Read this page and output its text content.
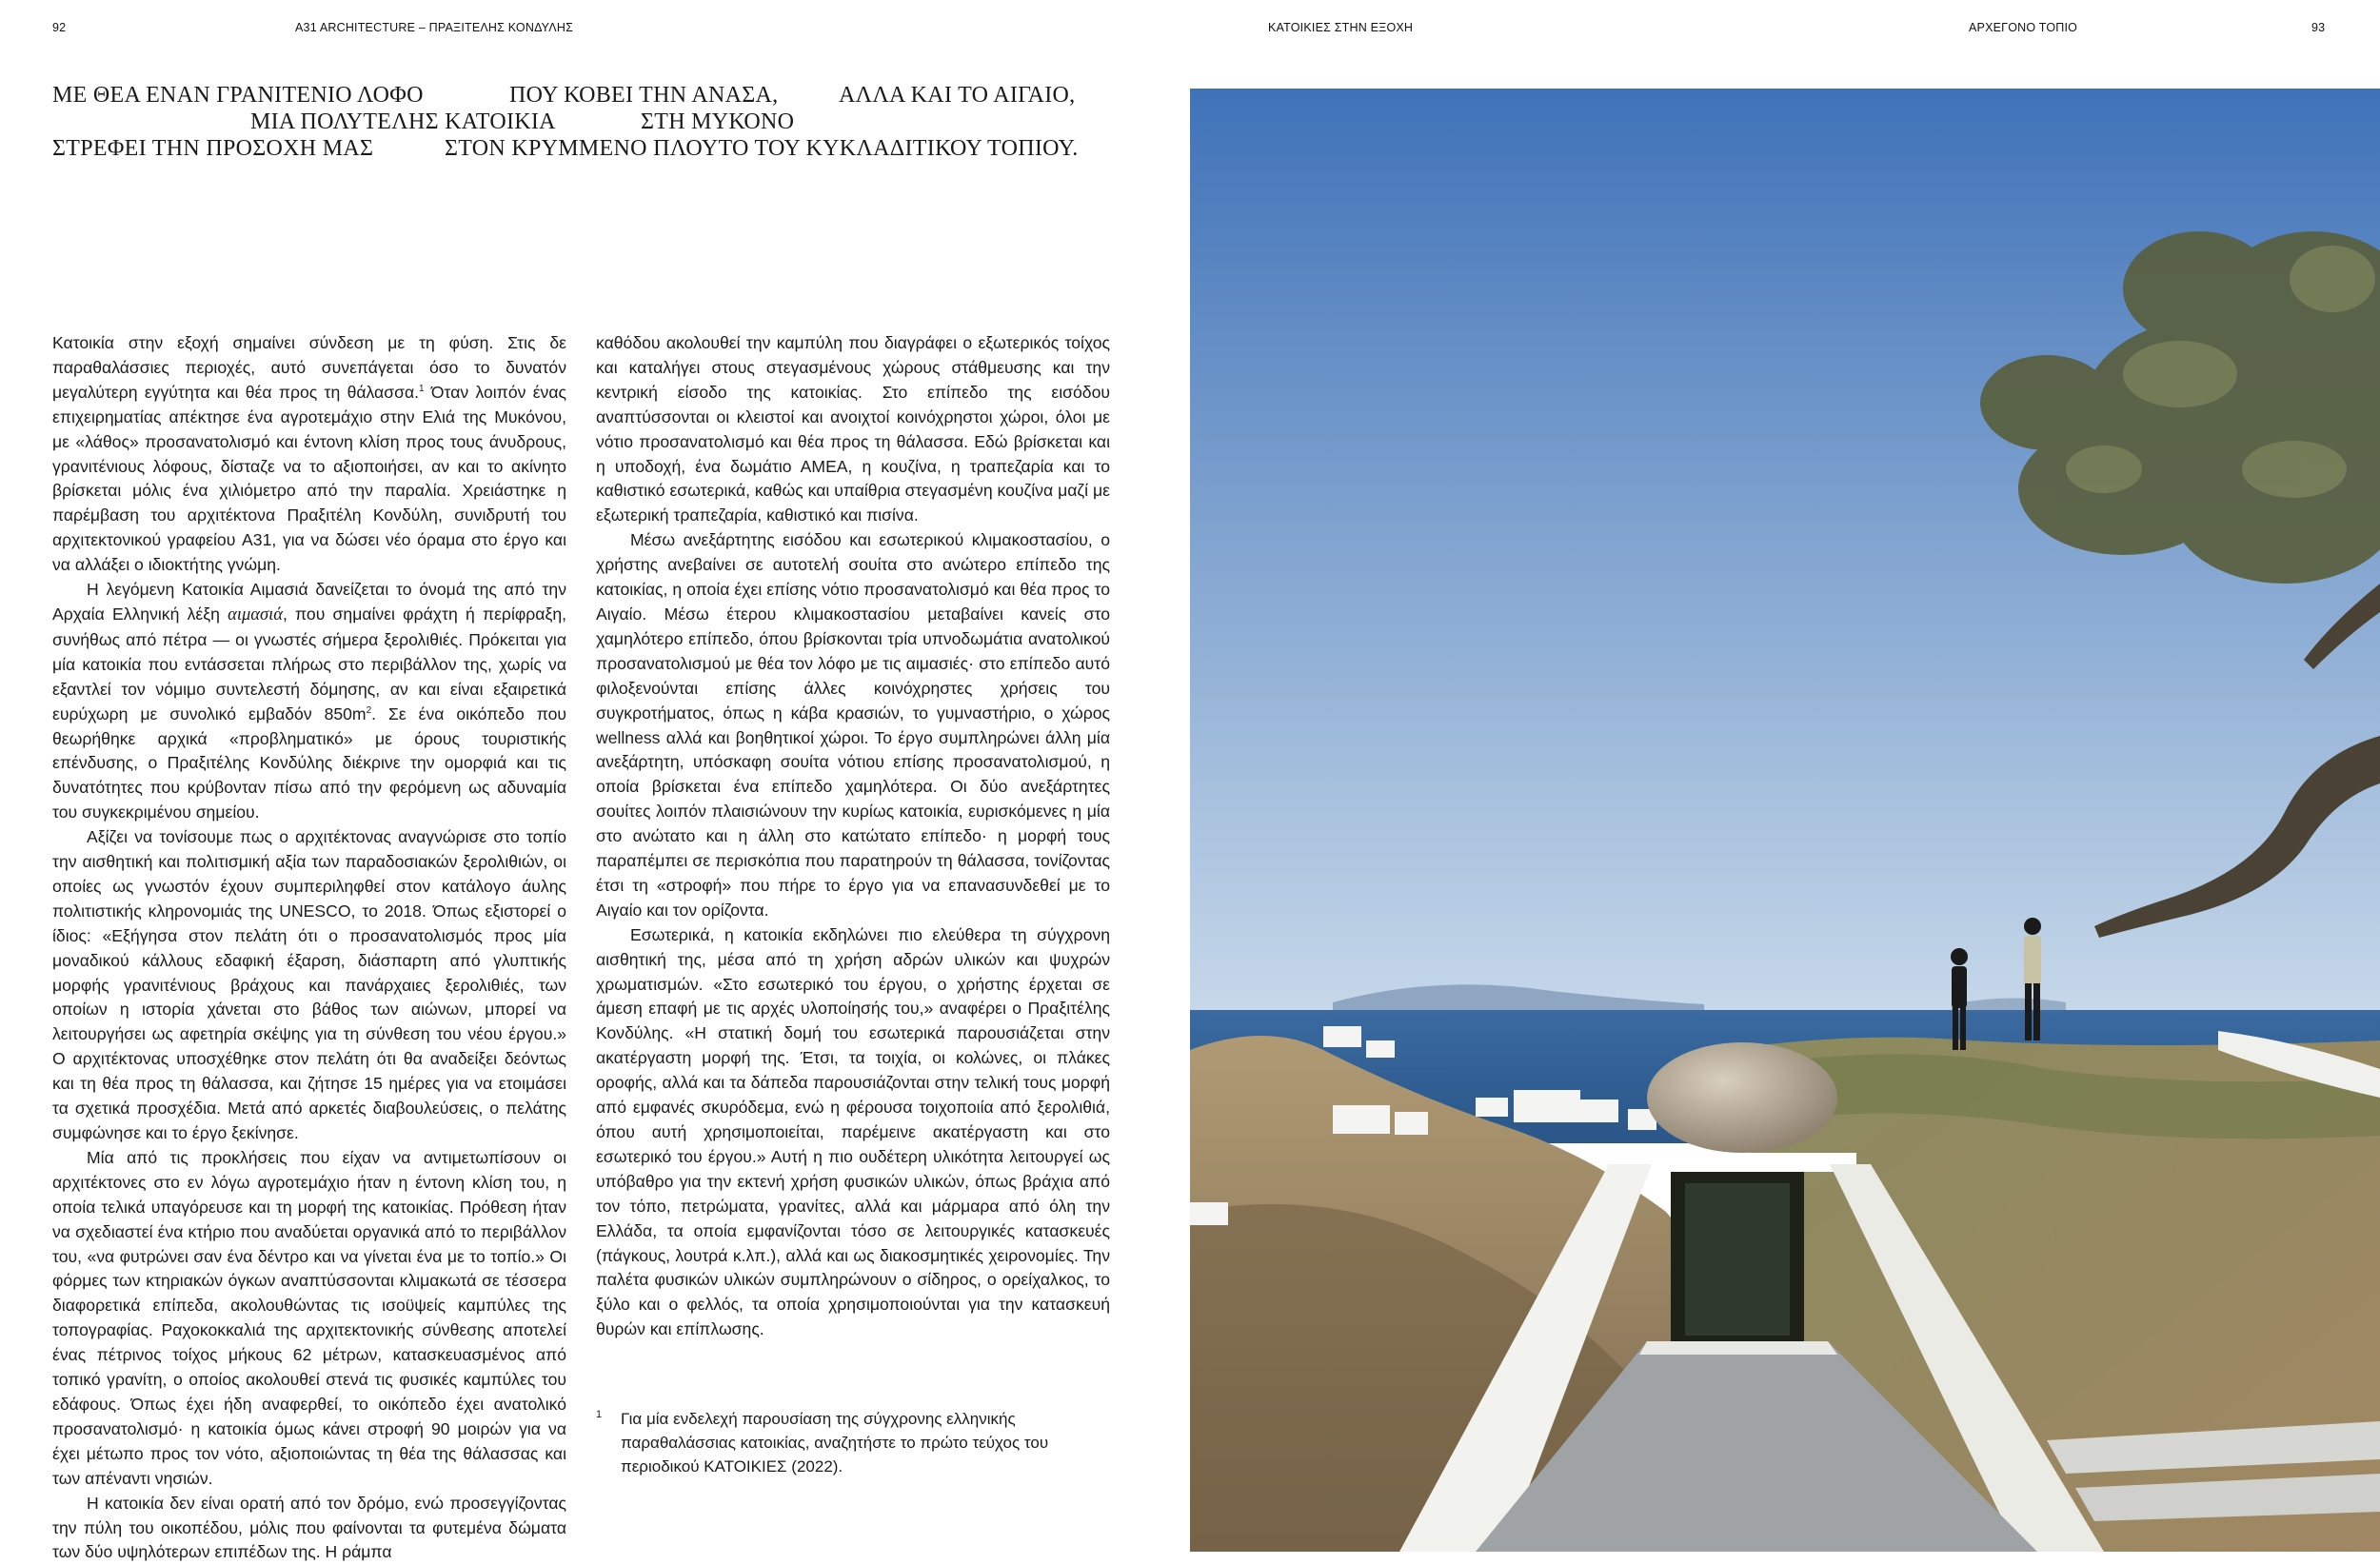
92	A31 ARCHITECTURE – ΠΡΑΞΙΤΕΛΗΣ ΚΟΝΔΥΛΗΣ	ΚΑΤΟΙΚΙΕΣ ΣΤΗΝ ΕΞΟΧΗ	ΑΡΧΕΓΟΝΟ ΤΟΠΙΟ	93
ΜΕ ΘΕΑ ΕΝΑΝ ΓΡΑΝΙΤΕΝΙΟ ΛΟΦΟ	ΠΟΥ ΚΟΒΕΙ ΤΗΝ ΑΝΑΣΑ,	ΑΛΛΑ ΚΑΙ ΤΟ ΑΙΓΑΙΟ,
ΜΙΑ ΠΟΛΥΤΕΛΗΣ ΚΑΤΟΙΚΙΑ	ΣΤΗ ΜΥΚΟΝΟ
ΣΤΡΕΦΕΙ ΤΗΝ ΠΡΟΣΟΧΗ ΜΑΣ	ΣΤΟΝ ΚΡΥΜΜΕΝΟ ΠΛΟΥΤΟ ΤΟΥ ΚΥΚΛΑΔΙΤΙΚΟΥ ΤΟΠΙΟΥ.

Κατοικία στην εξοχή σημαίνει σύνδεση με τη φύση. Στις δε παραθαλάσσιες περιοχές, αυτό συνεπάγεται όσο το δυνατόν μεγαλύτερη εγγύτητα και θέα προς τη θάλασσα.$^1$ Όταν λοιπόν ένας επιχειρηματίας απέκτησε ένα αγροτεμάχιο στην Ελιά της Μυκόνου, με «λάθος» προσανατολισμό και έντονη κλίση προς τους άνυδρους, γρανιτένιους λόφους, δίσταζε να το αξιοποιήσει, αν και το ακίνητο βρίσκεται μόλις ένα χιλιόμετρο από την παραλία. Χρειάστηκε η παρέμβαση του αρχιτέκτονα Πραξιτέλη Κονδύλη, συνιδρυτή του αρχιτεκτονικού γραφείου A31, για να δώσει νέο όραμα στο έργο και να αλλάξει ο ιδιοκτήτης γνώμη.

Η λεγόμενη Κατοικία Αιμασιά δανείζεται το όνομά της από την Αρχαία Ελληνική λέξη αιμασιά, που σημαίνει φράχτη ή περίφραξη, συνήθως από πέτρα — οι γνωστές σήμερα ξερολιθιές. Πρόκειται για μία κατοικία που εντάσσεται πλήρως στο περιβάλλον της, χωρίς να εξαντλεί τον νόμιμο συντελεστή δόμησης, αν και είναι εξαιρετικά ευρύχωρη με συνολικό εμβαδόν $850m^2$. Σε ένα οικόπεδο που θεωρήθηκε αρχικά «προβληματικό» με όρους τουριστικής επένδυσης, ο Πραξιτέλης Κονδύλης διέκρινε την ομορφιά και τις δυνατότητες που κρύβονταν πίσω από την φερόμενη ως αδυναμία του συγκεκριμένου σημείου.

Αξίζει να τονίσουμε πως ο αρχιτέκτονας αναγνώρισε στο τοπίο την αισθητική και πολιτισμική αξία των παραδοσιακών ξερολιθιών, οι οποίες ως γνωστόν έχουν συμπεριληφθεί στον κατάλογο άυλης πολιτιστικής κληρονομιάς της UNESCO, το 2018. Όπως εξιστορεί ο ίδιος: «Εξήγησα στον πελάτη ότι ο προσανατολισμός προς μία μοναδικού κάλλους εδαφική έξαρση, διάσπαρτη από γλυπτικής μορφής γρανιτένιους βράχους και πανάρχαιες ξερολιθιές, των οποίων η ιστορία χάνεται στο βάθος των αιώνων, μπορεί να λειτουργήσει ως αφετηρία σκέψης για τη σύνθεση του νέου έργου.» Ο αρχιτέκτονας υποσχέθηκε στον πελάτη ότι θα αναδείξει δεόντως και τη θέα προς τη θάλασσα, και ζήτησε 15 ημέρες για να ετοιμάσει τα σχετικά προσχέδια. Μετά από αρκετές διαβουλεύσεις, ο πελάτης συμφώνησε και το έργο ξεκίνησε.

Μία από τις προκλήσεις που είχαν να αντιμετωπίσουν οι αρχιτέκτονες στο εν λόγω αγροτεμάχιο ήταν η έντονη κλίση του, η οποία τελικά υπαγόρευσε και τη μορφή της κατοικίας. Πρόθεση ήταν να σχεδιαστεί ένα κτήριο που αναδύεται οργανικά από το περιβάλλον του, «να φυτρώνει σαν ένα δέντρο και να γίνεται ένα με το τοπίο.» Οι φόρμες των κτηριακών όγκων αναπτύσσονται κλιμακωτά σε τέσσερα διαφορετικά επίπεδα, ακολουθώντας τις ισοϋψείς καμπύλες της τοπογραφίας. Ραχοκοκκαλιά της αρχιτεκτονικής σύνθεσης αποτελεί ένας πέτρινος τοίχος μήκους 62 μέτρων, κατασκευασμένος από τοπικό γρανίτη, ο οποίος ακολουθεί στενά τις φυσικές καμπύλες του εδάφους. Όπως έχει ήδη αναφερθεί, το οικόπεδο έχει ανατολικό προσανατολισμό· η κατοικία όμως κάνει στροφή 90 μοιρών για να έχει μέτωπο προς τον νότο, αξιοποιώντας τη θέα της θάλασσας και των απέναντι νησιών.

Η κατοικία δεν είναι ορατή από τον δρόμο, ενώ προσεγγίζοντας την πύλη του οικοπέδου, μόλις που φαίνονται τα φυτεμένα δώματα των δύο υψηλότερων επιπέδων της. Η ράμπα

καθόδου ακολουθεί την καμπύλη που διαγράφει ο εξωτερικός τοίχος και καταλήγει στους στεγασμένους χώρους στάθμευσης και την κεντρική είσοδο της κατοικίας. Στο επίπεδο της εισόδου αναπτύσσονται οι κλειστοί και ανοιχτοί κοινόχρηστοι χώροι, όλοι με νότιο προσανατολισμό και θέα προς τη θάλασσα. Εδώ βρίσκεται και η υποδοχή, ένα δωμάτιο ΑΜΕΑ, η κουζίνα, η τραπεζαρία και το καθιστικό εσωτερικά, καθώς και υπαίθρια στεγασμένη κουζίνα μαζί με εξωτερική τραπεζαρία, καθιστικό και πισίνα.

Μέσω ανεξάρτητης εισόδου και εσωτερικού κλιμακοστασίου, ο χρήστης ανεβαίνει σε αυτοτελή σουίτα στο ανώτερο επίπεδο της κατοικίας, η οποία έχει επίσης νότιο προσανατολισμό και θέα προς το Αιγαίο. Μέσω έτερου κλιμακοστασίου μεταβαίνει κανείς στο χαμηλότερο επίπεδο, όπου βρίσκονται τρία υπνοδωμάτια ανατολικού προσανατολισμού με θέα τον λόφο με τις αιμασιές· στο επίπεδο αυτό φιλοξενούνται επίσης άλλες κοινόχρηστες χρήσεις του συγκροτήματος, όπως η κάβα κρασιών, το γυμναστήριο, ο χώρος wellness αλλά και βοηθητικοί χώροι. Το έργο συμπληρώνει άλλη μία ανεξάρτητη, υπόσκαφη σουίτα νότιου επίσης προσανατολισμού, η οποία βρίσκεται ένα επίπεδο χαμηλότερα. Οι δύο ανεξάρτητες σουίτες λοιπόν πλαισιώνουν την κυρίως κατοικία, ευρισκόμενες η μία στο ανώτατο και η άλλη στο κατώτατο επίπεδο· η μορφή τους παραπέμπει σε περισκόπια που παρατηρούν τη θάλασσα, τονίζοντας έτσι τη «στροφή» που πήρε το έργο για να επανασυνδεθεί με το Αιγαίο και τον ορίζοντα.

Εσωτερικά, η κατοικία εκδηλώνει πιο ελεύθερα τη σύγχρονη αισθητική της, μέσα από τη χρήση αδρών υλικών και ψυχρών χρωματισμών. «Στο εσωτερικό του έργου, ο χρήστης έρχεται σε άμεση επαφή με τις αρχές υλοποίησής του,» αναφέρει ο Πραξιτέλης Κονδύλης. «Η στατική δομή του εσωτερικά παρουσιάζεται στην ακατέργαστη μορφή της. Έτσι, τα τοιχία, οι κολώνες, οι πλάκες οροφής, αλλά και τα δάπεδα παρουσιάζονται στην τελική τους μορφή από εμφανές σκυρόδεμα, ενώ η φέρουσα τοιχοποιία από ξερολιθιά, όπου αυτή χρησιμοποιείται, παρέμεινε ακατέργαστη και στο εσωτερικό του έργου.» Αυτή η πιο ουδέτερη υλικότητα λειτουργεί ως υπόβαθρο για την εκτενή χρήση φυσικών υλικών, όπως βράχια από τον τόπο, πετρώματα, γρανίτες, αλλά και μάρμαρα από όλη την Ελλάδα, τα οποία εμφανίζονται τόσο σε λειτουργικές κατασκευές (πάγκους, λουτρά κ.λπ.), αλλά και ως διακοσμητικές χειρονομίες. Την παλέτα φυσικών υλικών συμπληρώνουν ο σίδηρος, ο ορείχαλκος, το ξύλο και ο φελλός, τα οποία χρησιμοποιούνται για την κατασκευή θυρών και επίπλωσης.

1 Για μία ενδελεχή παρουσίαση της σύγχρονης ελληνικής παραθαλάσσιας κατοικίας, αναζητήστε το πρώτο τεύχος του περιοδικού ΚΑΤΟΙΚΙΕΣ (2022).
